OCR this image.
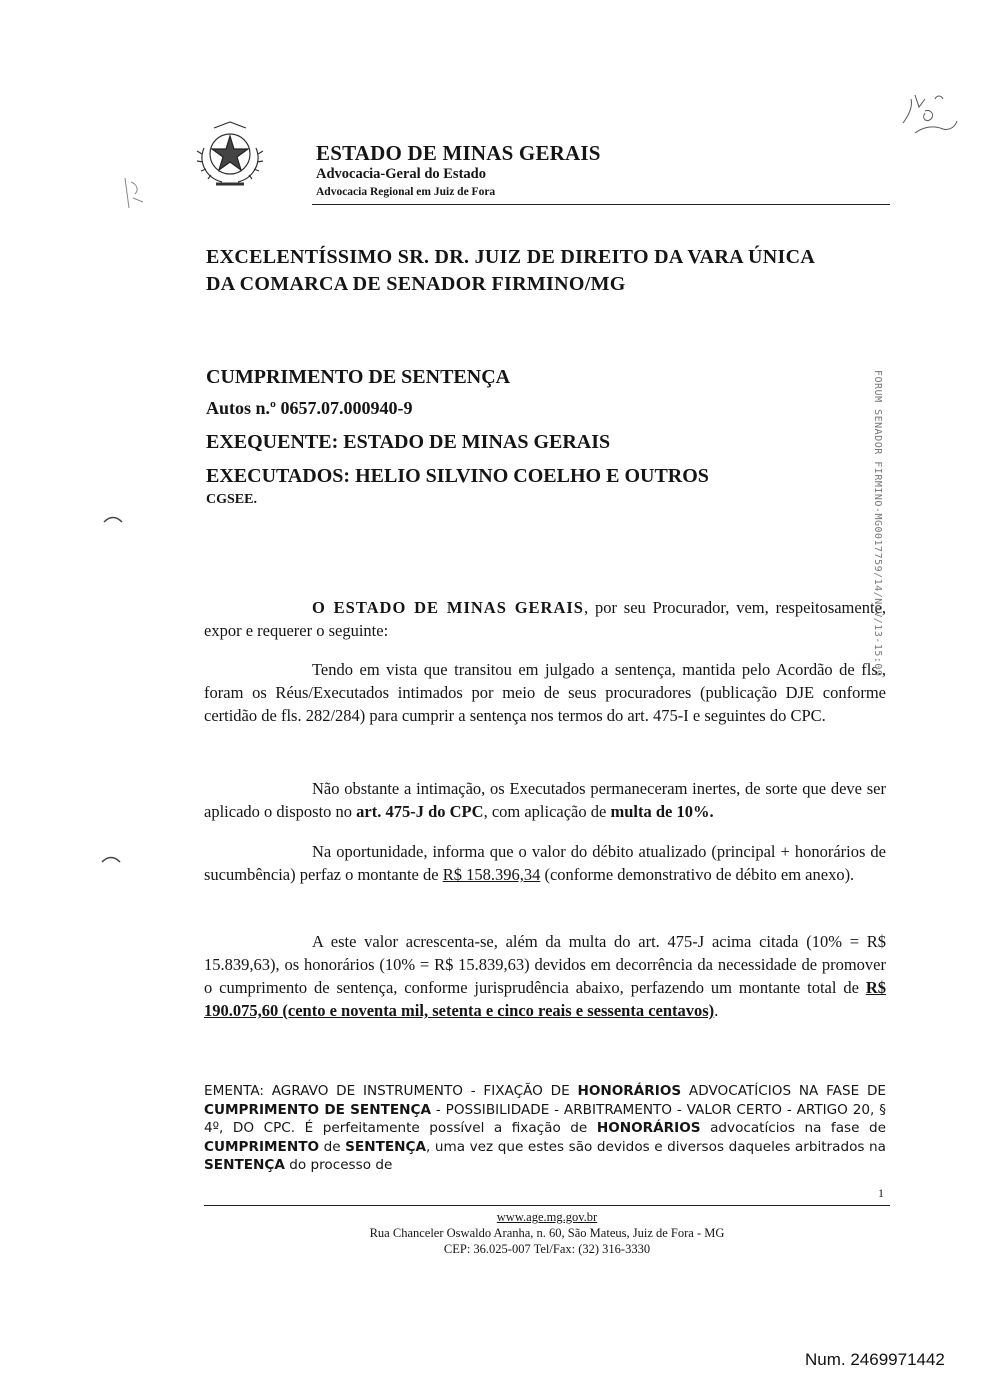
ESTADO DE MINAS GERAIS
Advocacia-Geral do Estado
Advocacia Regional em Juiz de Fora
EXCELENTÍSSIMO SR. DR. JUIZ DE DIREITO DA VARA ÚNICA
DA COMARCA DE SENADOR FIRMINO/MG
CUMPRIMENTO DE SENTENÇA
Autos n.º 0657.07.000940-9
EXEQUENTE: ESTADO DE MINAS GERAIS
EXECUTADOS: HELIO SILVINO COELHO E OUTROS
CGSEE.
O ESTADO DE MINAS GERAIS, por seu Procurador, vem, respeitosamente, expor e requerer o seguinte:
Tendo em vista que transitou em julgado a sentença, mantida pelo Acordão de fls., foram os Réus/Executados intimados por meio de seus procuradores (publicação DJE conforme certidão de fls. 282/284) para cumprir a sentença nos termos do art. 475-I e seguintes do CPC.
Não obstante a intimação, os Executados permaneceram inertes, de sorte que deve ser aplicado o disposto no art. 475-J do CPC, com aplicação de multa de 10%.
Na oportunidade, informa que o valor do débito atualizado (principal + honorários de sucumbência) perfaz o montante de R$ 158.396,34 (conforme demonstrativo de débito em anexo).
A este valor acrescenta-se, além da multa do art. 475-J acima citada (10% = R$ 15.839,63), os honorários (10% = R$ 15.839,63) devidos em decorrência da necessidade de promover o cumprimento de sentença, conforme jurisprudência abaixo, perfazendo um montante total de R$ 190.075,60 (cento e noventa mil, setenta e cinco reais e sessenta centavos).
EMENTA: AGRAVO DE INSTRUMENTO - FIXAÇÃO DE HONORÁRIOS ADVOCATÍCIOS NA FASE DE CUMPRIMENTO DE SENTENÇA - POSSIBILIDADE - ARBITRAMENTO - VALOR CERTO - ARTIGO 20, § 4º, DO CPC. É perfeitamente possível a fixação de HONORÁRIOS advocatícios na fase de CUMPRIMENTO de SENTENÇA, uma vez que estes são devidos e diversos daqueles arbitrados na SENTENÇA do processo de
1
www.age.mg.gov.br
Rua Chanceler Oswaldo Aranha, n. 60, São Mateus, Juiz de Fora - MG
CEP: 36.025-007 Tel/Fax: (32) 316-3330
Num. 2469971442
FORUM SENADOR FIRMINO-MG0017759/14/NOV/13-15:09
